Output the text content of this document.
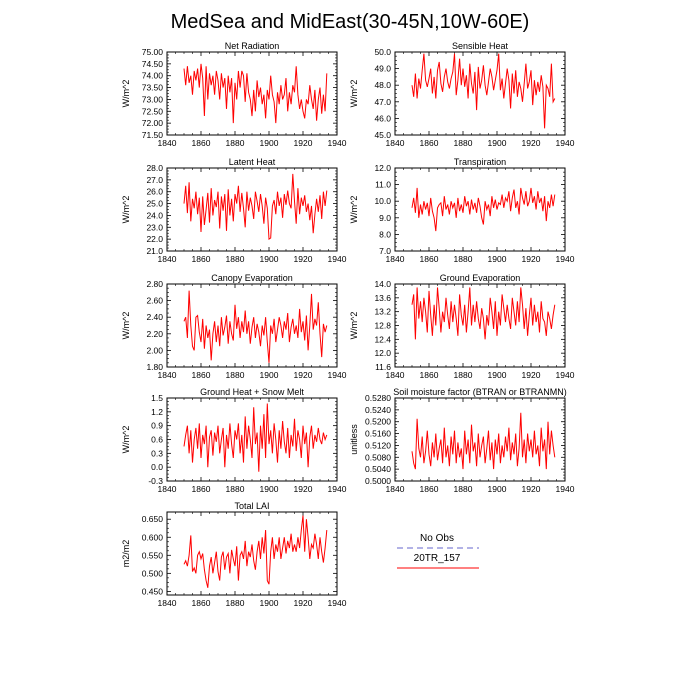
MedSea and MidEast(30-45N,10W-60E)
Net Radiation
W/m^2
1840 1860 1880 1900 1920 1940
71.50
72.00
72.50
73.00
73.50
74.00
74.50
75.00
Sensible Heat
W/m^2
1840 1860 1880 1900 1920 1940
45.0
46.0
47.0
48.0
49.0
50.0
Latent Heat
W/m^2
1840 1860 1880 1900 1920 1940
21.0
22.0
23.0
24.0
25.0
26.0
27.0
28.0
Transpiration
W/m^2
1840 1860 1880 1900 1920 1940
7.0
8.0
9.0
10.0
11.0
12.0
Canopy Evaporation
W/m^2
1840 1860 1880 1900 1920 1940
1.80
2.00
2.20
2.40
2.60
2.80
Ground Evaporation
W/m^2
1840 1860 1880 1900 1920 1940
11.6
12.0
12.4
12.8
13.2
13.6
14.0
Ground Heat + Snow Melt
W/m^2
1840 1860 1880 1900 1920 1940
-0.3
0.0
0.3
0.6
0.9
1.2
1.5
Soil moisture factor (BTRAN or BTRANMN)
unitless
1840 1860 1880 1900 1920 1940
0.5000
0.5040
0.5080
0.5120
0.5160
0.5200
0.5240
0.5280
Total LAI
m2/m2
1840 1860 1880 1900 1920 1940
0.450
0.500
0.550
0.600
0.650
No Obs
20TR_157
